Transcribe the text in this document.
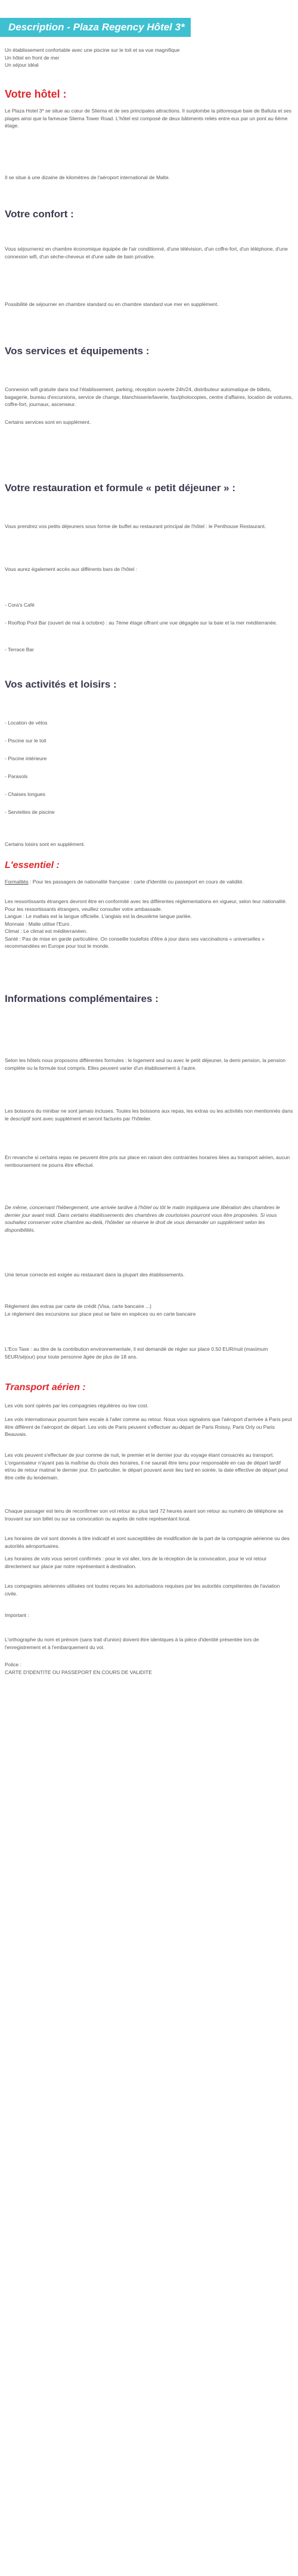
Description - Plaza Regency Hôtel 3*

Un établissement confortable avec une piscine sur le toit et sa vue magnifique

Un hôtel en front de mer

Un séjour idéal

Votre hôtel :
Le Plaza Hotel 3* se situe au cœur de Sliema et de ses principales attractions. Il surplombe la pittoresque baie de Balluta et ses plages ainsi que la fameuse Sliema Tower Road. L'hôtel est composé de deux bâtiments reliés entre eux par un pont au 6ème étage.
Il se situe à une dizaine de kilomètres de l'aéroport international de Malte.
Votre confort :
Vous séjournerez en chambre économique équipée de l'air conditionné, d'une télévision, d'un coffre-fort, d'un téléphone, d'une connexion wifi, d'un sèche-cheveux et d'une salle de bain privative.
Possibilité de séjourner en chambre standard ou en chambre standard vue mer en supplément.
Vos services et équipements :
Connexion wifi gratuite dans tout l'établissement, parking, réception ouverte 24h/24, distributeur automatique de billets, bagagerie, bureau d'excursions, service de change, blanchisserie/laverie, fax/photocopies, centre d'affaires, location de voitures, coffre-fort, journaux, ascenseur.
Certains services sont en supplément.
Votre restauration et formule « petit déjeuner » :
Vous prendrez vos petits déjeuners sous forme de buffet au restaurant principal de l'hôtel : le Penthouse Restaurant.
Vous aurez également accès aux différents bars de l'hôtel :
- Cora's Café
- Rooftop Pool Bar (ouvert de mai à octobre) : au 7ème étage offrant une vue dégagée sur la baie et la mer méditerranée.
- Terrace Bar
Vos activités et loisirs :
- Location de vélos
- Piscine sur le toit
- Piscine intérieure
- Parasols
- Chaises longues
- Serviettes de piscine
Certains loisirs sont en supplément.
L'essentiel :
Formalités : Pour les passagers de nationalité française : carte d'identité ou passeport en cours de validité.

Les ressortissants étrangers devront être en conformité avec les différentes réglementations en vigueur, selon leur nationalité.

Pour les ressortissants étrangers, veuillez consulter votre ambassade.

Langue : Le maltais est la langue officielle. L'anglais est la deuxième langue parlée.

Monnaie : Malte utilise l'Euro .

Climat : Le climat est méditerranéen.

Santé : Pas de mise en garde particulière. On conseille toutefois d'être à jour dans ses vaccinations « universelles » recommandées en Europe pour tout le monde.

Informations complémentaires :
Selon les hôtels nous proposons différentes formules : le logement seul ou avec le petit déjeuner, la demi pension, la pension complète ou la formule tout compris. Elles peuvent varier d'un établissement à l'autre.
Les boissons du minibar ne sont jamais incluses. Toutes les boissons aux repas, les extras ou les activités non mentionnés dans le descriptif sont avec supplément et seront facturés par l'hôtelier.
En revanche si certains repas ne peuvent être pris sur place en raison des contraintes horaires liées au transport aérien, aucun remboursement ne pourra être effectué.
De même, concernant l'hébergement, une arrivée tardive à l'hôtel ou tôt le matin impliquera une libération des chambres le dernier jour avant midi. Dans certains établissements des chambres de courtoisies pourront vous être proposées. Si vous souhaitez conserver votre chambre au-delà, l'hôtelier se réserve le droit de vous demander un supplément selon les disponibilités.
Une tenue correcte est exigée au restaurant dans la plupart des établissements.

Règlement des extras par carte de crédit (Visa, carte bancaire ...)

Le règlement des excursions sur place peut se faire en espèces ou en carte bancaire

L'Eco Taxe : au titre de la contribution environnementale, il est demandé de régler sur place 0.50 EUR/nuit (maximum 5EUR/séjour) pour toute personne âgée de plus de 18 ans.
Transport aérien :
Les vols sont opérés par les compagnies régulières ou low cost.
Les vols internationaux pourront faire escale à l'aller comme au retour. Nous vous signalons que l'aéroport d'arrivée à Paris peut être différent de l'aéroport de départ. Les vols de Paris peuvent s'effectuer au départ de Paris Roissy, Paris Orly ou Paris Beauvais.
Les vols peuvent s'effectuer de jour comme de nuit, le premier et le dernier jour du voyage étant consacrés au transport. L'organisateur n'ayant pas la maîtrise du choix des horaires, il ne saurait être tenu pour responsable en cas de départ tardif et/ou de retour matinal le dernier jour. En particulier, le départ pouvant avoir lieu tard en soirée, la date effective de départ peut être celle du lendemain.
Chaque passager est tenu de reconfirmer son vol retour au plus tard 72 heures avant son retour au numéro de téléphone se trouvant sur son billet ou sur sa convocation ou auprès de notre représentant local.
Les horaires de vol sont donnés à titre indicatif et sont susceptibles de modification de la part de la compagnie aérienne ou des autorités aéroportuaires.
Les horaires de vols vous seront confirmés : pour le vol aller, lors de la réception de la convocation, pour le vol retour directement sur place par notre représentant à destination.
Les compagnies aériennes utilisées ont toutes reçues les autorisations requises par les autorités compétentes de l'aviation civile.
Important :
L'orthographe du nom et prénom (sans trait d'union) doivent être identiques à la pièce d'identité présentée lors de l'enregistrement et à l'embarquement du vol.
Police :
CARTE D'IDENTITE OU PASSEPORT EN COURS DE VALIDITE
